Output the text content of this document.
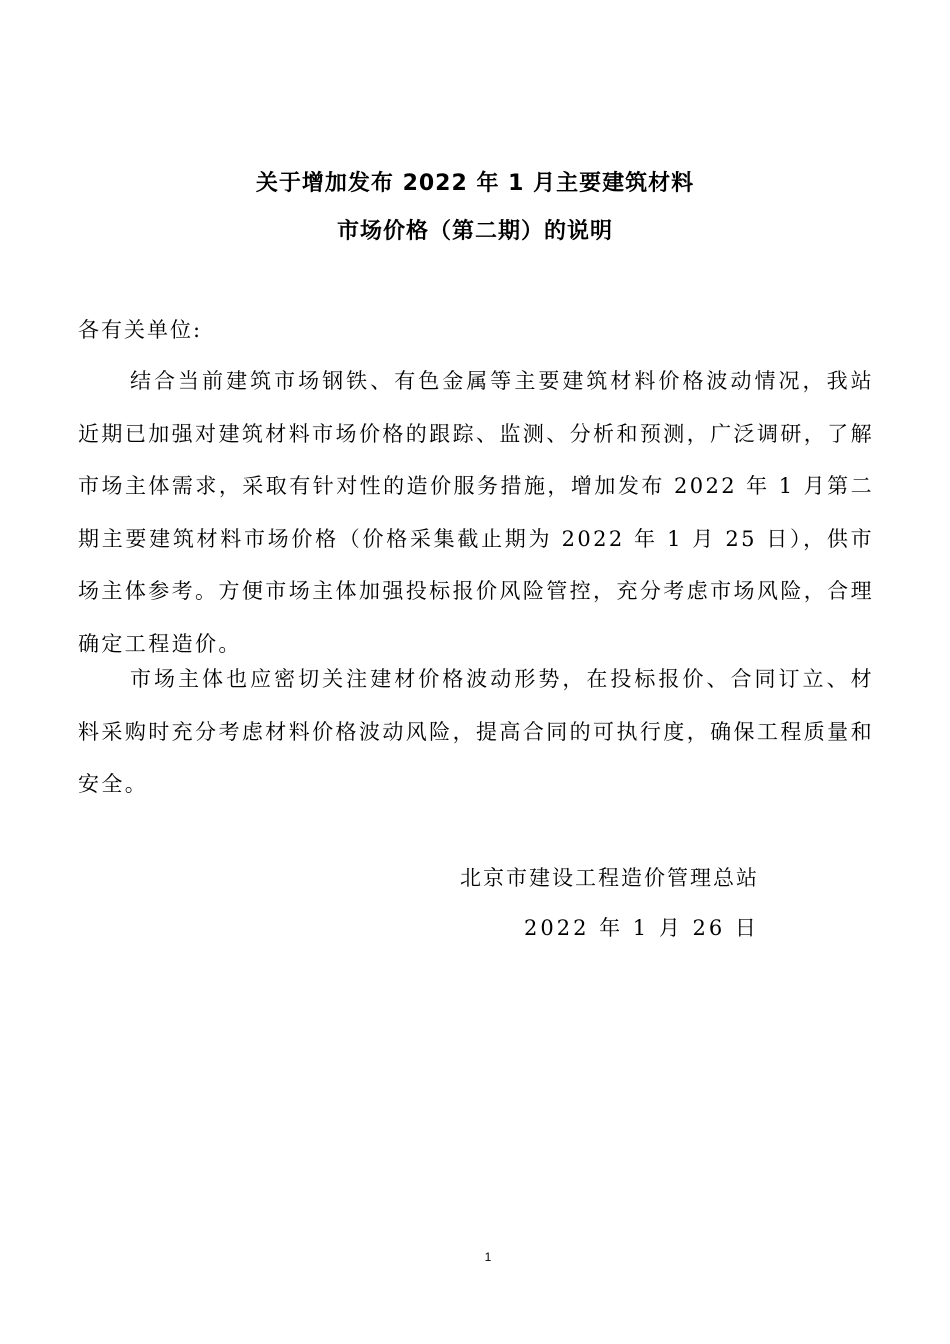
关于增加发布 2022 年 1 月主要建筑材料
市场价格（第二期）的说明
各有关单位:

结合当前建筑市场钢铁、有色金属等主要建筑材料价格波动情况，我站近期已加强对建筑材料市场价格的跟踪、监测、分析和预测，广泛调研，了解市场主体需求，采取有针对性的造价服务措施，增加发布 2022 年 1 月第二期主要建筑材料市场价格（价格采集截止期为 2022 年 1 月 25 日），供市场主体参考。方便市场主体加强投标报价风险管控，充分考虑市场风险，合理确定工程造价。

市场主体也应密切关注建材价格波动形势，在投标报价、合同订立、材料采购时充分考虑材料价格波动风险，提高合同的可执行度，确保工程质量和安全。

北京市建设工程造价管理总站
2022 年 1 月 26 日
1
